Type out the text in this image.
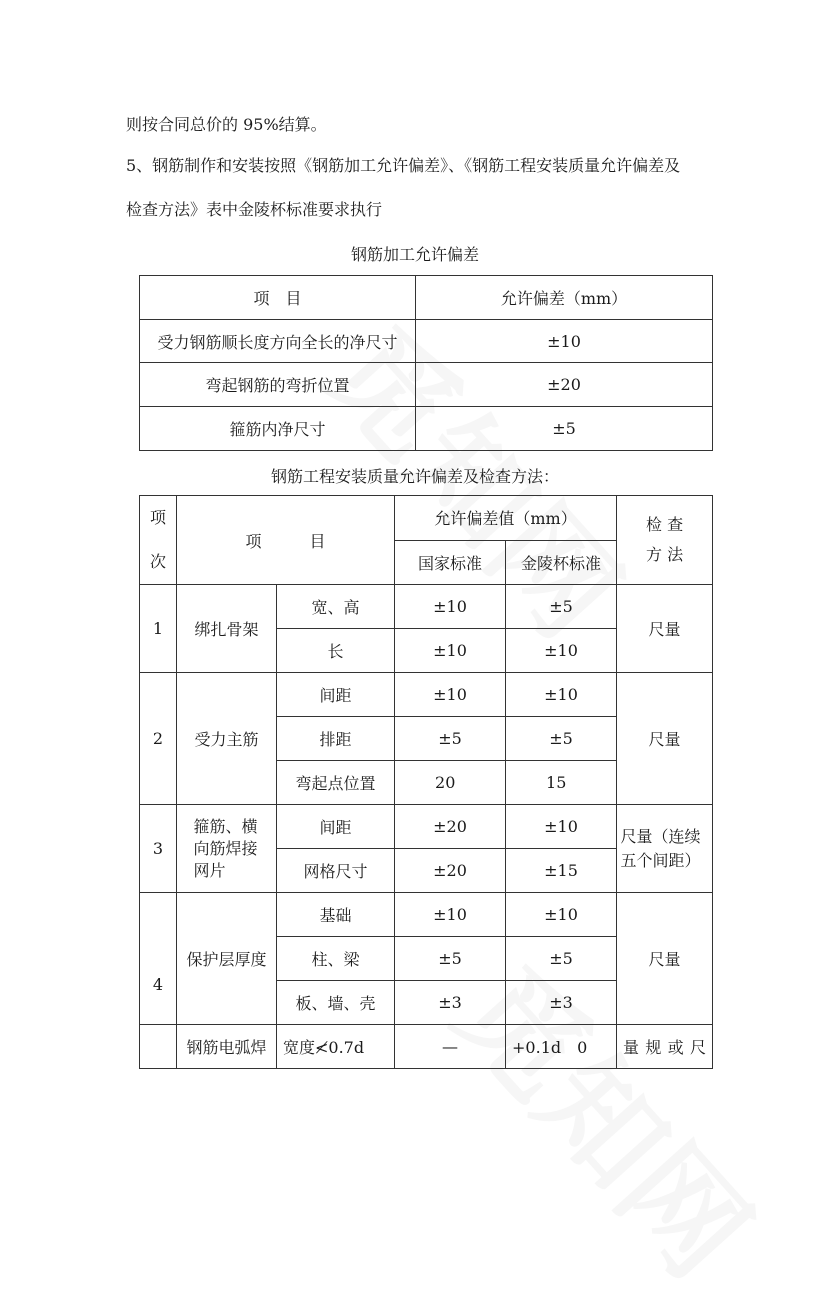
则按合同总价的 95%结算。
5、钢筋制作和安装按照《钢筋加工允许偏差》、《钢筋工程安装质量允许偏差及
检查方法》表中金陵杯标准要求执行
钢筋加工允许偏差
项　目	允许偏差（mm）
受力钢筋顺长度方向全长的净尺寸	±10
弯起钢筋的弯折位置	±20
箍筋内净尺寸	±5
钢筋工程安装质量允许偏差及检查方法：
项次	项　　　目		允许偏差值（mm）		检 查 方 法

			国家标准	金陵杯标准	
1	绑扎骨架	宽、高	±10	±5	尺量
		长	±10	±10	
2	受力主筋	间距	±10	±10	尺量
		排距	±5	±5	
		弯起点位置	20	15	
3	箍筋、横向筋焊接网片	间距	±20	±10	尺量（连续五个间距）

		网格尺寸	±20	±15	
4	保护层厚度	基础	±10	±10	尺量
		柱、梁	±5	±5	
		板、墙、壳	±3	±3	
	钢筋电弧焊	宽度≮0.7d	—	+0.1d　0	量 规 或 尺
